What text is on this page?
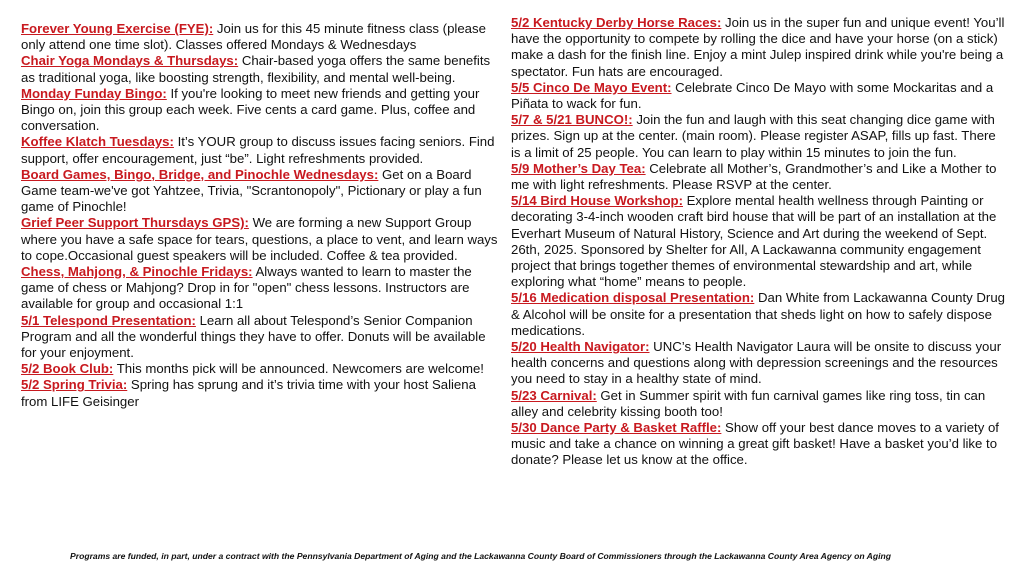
Forever Young Exercise (FYE): Join us for this 45 minute fitness class (please only attend one time slot). Classes offered Mondays & Wednesdays

Chair Yoga Mondays & Thursdays: Chair-based yoga offers the same benefits as traditional yoga, like boosting strength, flexibility, and mental well-being.

Monday Funday Bingo: If you're looking to meet new friends and getting your Bingo on, join this group each week. Five cents a card game. Plus, coffee and conversation.

Koffee Klatch Tuesdays: It’s YOUR group to discuss issues facing seniors. Find support, offer encouragement, just “be”. Light refreshments provided.

Board Games, Bingo, Bridge, and Pinochle Wednesdays: Get on a Board Game team-we've got Yahtzee, Trivia, "Scrantonopoly", Pictionary or play a fun game of Pinochle!

Grief Peer Support Thursdays GPS): We are forming a new Support Group where you have a safe space for tears, questions, a place to vent, and learn ways to cope.Occasional guest speakers will be included. Coffee & tea provided.

Chess, Mahjong, & Pinochle Fridays: Always wanted to learn to master the game of chess or Mahjong? Drop in for "open" chess lessons. Instructors are available for group and occasional 1:1

5/1 Telespond Presentation: Learn all about Telespond’s Senior Companion Program and all the wonderful things they have to offer. Donuts will be available for your enjoyment.

5/2 Book Club: This months pick will be announced. Newcomers are welcome!

5/2 Spring Trivia: Spring has sprung and it’s trivia time with your host Saliena from LIFE Geisinger

5/2 Kentucky Derby Horse Races: Join us in the super fun and unique event! You’ll have the opportunity to compete by rolling the dice and have your horse (on a stick) make a dash for the finish line. Enjoy a mint Julep inspired drink while you're being a spectator. Fun hats are encouraged.

5/5 Cinco De Mayo Event: Celebrate Cinco De Mayo with some Mockaritas and a Piñata to wack for fun.

5/7 & 5/21 BUNCO!: Join the fun and laugh with this seat changing dice game with prizes. Sign up at the center. (main room). Please register ASAP, fills up fast. There is a limit of 25 people. You can learn to play within 15 minutes to join the fun.

5/9 Mother’s Day Tea: Celebrate all Mother’s, Grandmother’s and Like a Mother to me with light refreshments. Please RSVP at the center.

5/14 Bird House Workshop: Explore mental health wellness through Painting or decorating 3-4-inch wooden craft bird house that will be part of an installation at the Everhart Museum of Natural History, Science and Art during the weekend of Sept. 26th, 2025. Sponsored by Shelter for All, A Lackawanna community engagement project that brings together themes of environmental stewardship and art, while exploring what “home” means to people.

5/16 Medication disposal Presentation: Dan White from Lackawanna County Drug & Alcohol will be onsite for a presentation that sheds light on how to safely dispose medications.

5/20 Health Navigator: UNC’s Health Navigator Laura will be onsite to discuss your health concerns and questions along with depression screenings and the resources you need to stay in a healthy state of mind.

5/23 Carnival: Get in Summer spirit with fun carnival games like ring toss, tin can alley and celebrity kissing booth too!

5/30 Dance Party & Basket Raffle: Show off your best dance moves to a variety of music and take a chance on winning a great gift basket! Have a basket you’d like to donate? Please let us know at the office.

Programs are funded, in part, under a contract with the Pennsylvania Department of Aging and the Lackawanna County Board of Commissioners through the Lackawanna County Area Agency on Aging
